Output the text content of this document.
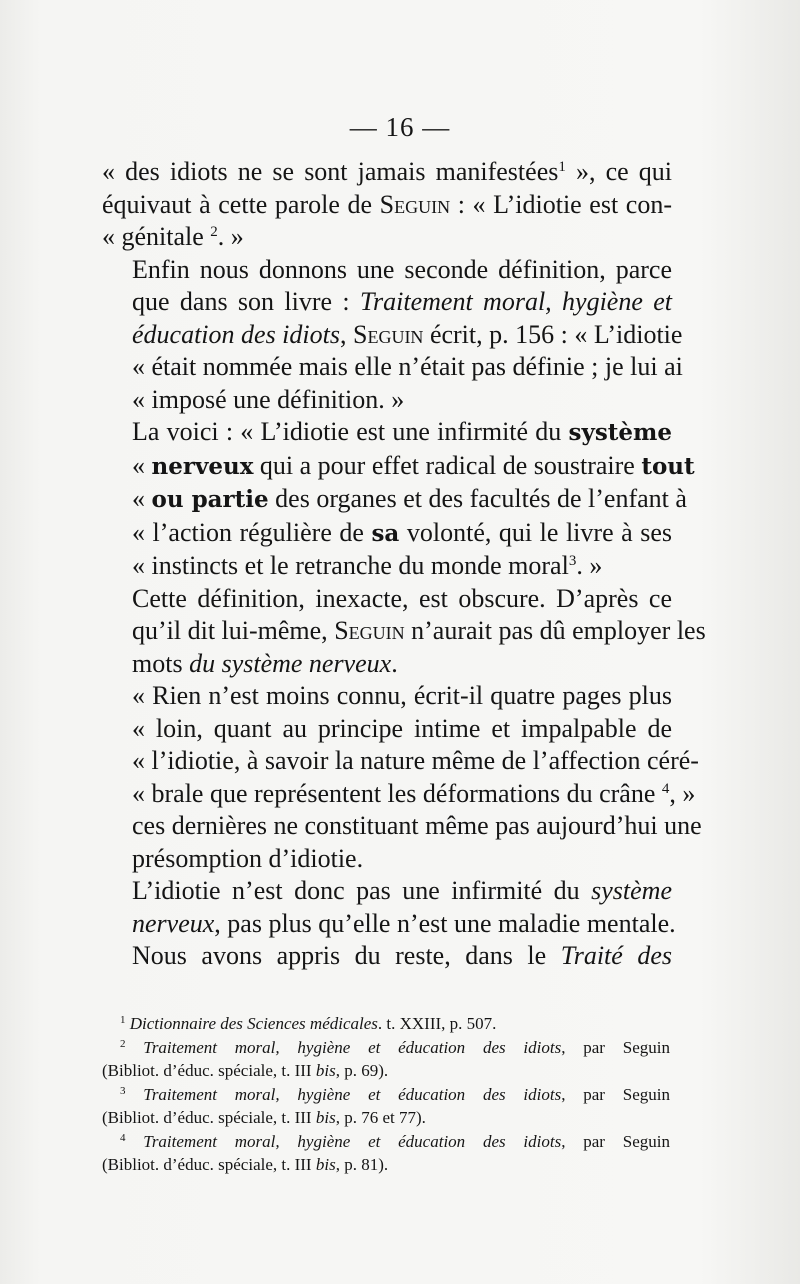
— 16 —

« des idiots ne se sont jamais manifestées$^1$ », ce qui
équivaut à cette parole de Seguin : « L’idiotie est con-
« génitale $^2$. »

Enfin nous donnons une seconde définition, parce
que dans son livre : Traitement moral, hygiène et
éducation des idiots, Seguin écrit, p. 156 : « L’idiotie
« était nommée mais elle n’était pas définie ; je lui ai
« imposé une définition. »

La voici : « L’idiotie est une infirmité du système
« nerveux qui a pour effet radical de soustraire tout
« ou partie des organes et des facultés de l’enfant à
« l’action régulière de sa volonté, qui le livre à ses
« instincts et le retranche du monde moral$^3$. »

Cette définition, inexacte, est obscure. D’après ce
qu’il dit lui-même, Seguin n’aurait pas dû employer les
mots du système nerveux.

« Rien n’est moins connu, écrit-il quatre pages plus
« loin, quant au principe intime et impalpable de
« l’idiotie, à savoir la nature même de l’affection céré-
« brale que représentent les déformations du crâne $^4$, »
ces dernières ne constituant même pas aujourd’hui une
présomption d’idiotie.

L’idiotie n’est donc pas une infirmité du système
nerveux, pas plus qu’elle n’est une maladie mentale.

Nous avons appris du reste, dans le Traité des

$^1$ Dictionnaire des Sciences médicales. t. XXIII, p. 507.

$^2$ Traitement moral, hygiène et éducation des idiots, par Seguin
(Bibliot. d’éduc. spéciale, t. III bis, p. 69).

$^3$ Traitement moral, hygiène et éducation des idiots, par Seguin
(Bibliot. d’éduc. spéciale, t. III bis, p. 76 et 77).

$^4$ Traitement moral, hygiène et éducation des idiots, par Seguin
(Bibliot. d’éduc. spéciale, t. III bis, p. 81).
